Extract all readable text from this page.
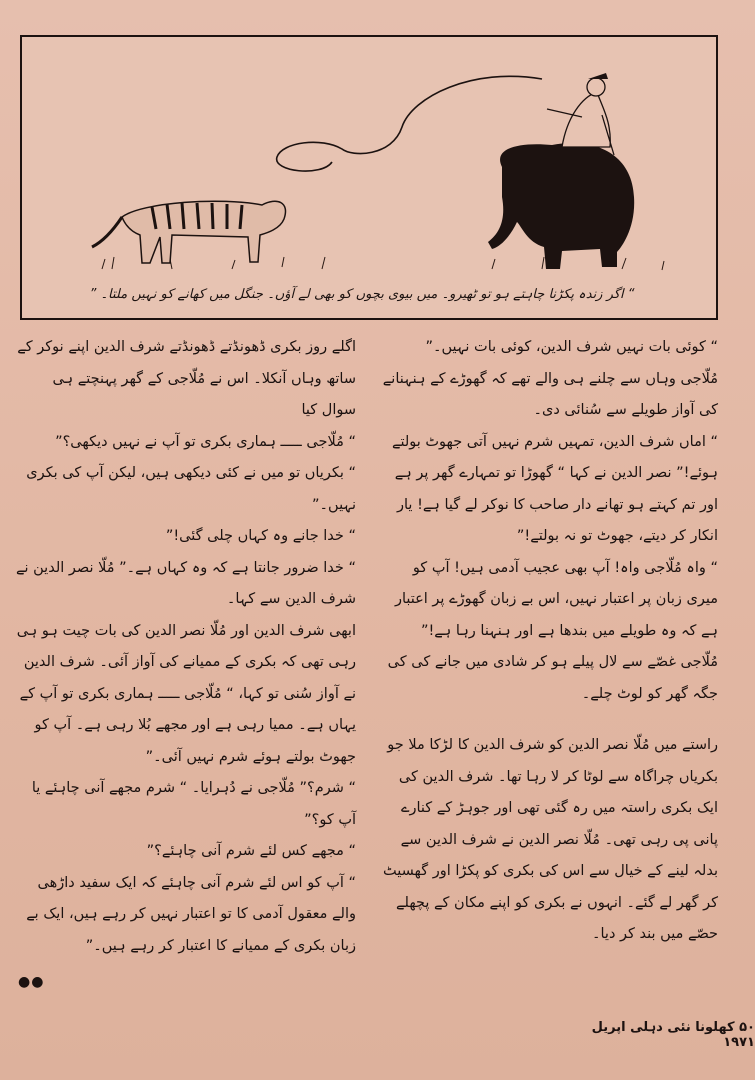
“ اگر زندہ پکڑنا چاہتے ہو تو ٹھیرو۔ میں بیوی بچوں کو بھی لے آؤں۔ جنگل میں کھانے کو نہیں ملتا۔ ”

“ کوئی بات نہیں شرف الدین، کوئی بات نہیں۔”

مُلّاجی وہاں سے چلنے ہی والے تھے کہ گھوڑے کے ہنہنانے کی آواز طویلے سے سُنائی دی۔

“ اماں شرف الدین، تمہیں شرم نہیں آتی جھوٹ بولتے ہوئے!” نصر الدین نے کہا “ گھوڑا تو تمہارے گھر پر ہے اور تم کہتے ہو تھانے دار صاحب کا نوکر لے گیا ہے! یار انکار کر دیتے، جھوٹ تو نہ بولتے!”

“ واہ مُلّاجی واہ! آپ بھی عجیب آدمی ہیں! آپ کو میری زبان پر اعتبار نہیں، اس بے زبان گھوڑے پر اعتبار ہے کہ وہ طویلے میں بندھا ہے اور ہنہنا رہا ہے!”

مُلّاجی غصّے سے لال پیلے ہو کر شادی میں جانے کی کی جگہ گھر کو لوٹ چلے۔

راستے میں مُلّا نصر الدین کو شرف الدین کا لڑکا ملا جو بکریاں چراگاہ سے لوٹا کر لا رہا تھا۔ شرف الدین کی ایک بکری راستہ میں رہ گئی تھی اور جوہڑ کے کنارے پانی پی رہی تھی۔ مُلّا نصر الدین نے شرف الدین سے بدلہ لینے کے خیال سے اس کی بکری کو پکڑا اور گھسیٹ کر گھر لے گئے۔ انہوں نے بکری کو اپنے مکان کے پچھلے حصّے میں بند کر دیا۔

اگلے روز بکری ڈھونڈتے ڈھونڈتے شرف الدین اپنے نوکر کے ساتھ وہاں آنکلا۔ اس نے مُلّاجی کے گھر پہنچتے ہی سوال کیا

“ مُلّاجی ـــــ ہماری بکری تو آپ نے نہیں دیکھی؟”

“ بکریاں تو میں نے کئی دیکھی ہیں، لیکن آپ کی بکری نہیں۔”

“ خدا جانے وہ کہاں چلی گئی!”

“ خدا ضرور جانتا ہے کہ وہ کہاں ہے۔” مُلّا نصر الدین نے شرف الدین سے کہا۔

ابھی شرف الدین اور مُلّا نصر الدین کی بات چیت ہو ہی رہی تھی کہ بکری کے ممیانے کی آواز آئی۔ شرف الدین نے آواز سُنی تو کہا، “ مُلّاجی ـــــ ہماری بکری تو آپ کے یہاں ہے۔ ممیا رہی ہے اور مجھے بُلا رہی ہے۔ آپ کو جھوٹ بولتے ہوئے شرم نہیں آئی۔”

“ شرم؟” مُلّاجی نے دُہرایا۔ “ شرم مجھے آنی چاہئے یا آپ کو؟”

“ مجھے کس لئے شرم آنی چاہئے؟”

“ آپ کو اس لئے شرم آنی چاہئے کہ ایک سفید داڑھی والے معقول آدمی کا تو اعتبار نہیں کر رہے ہیں، ایک بے زبان بکری کے ممیانے کا اعتبار کر رہے ہیں۔”

●●
۵۰ کھلونا نئی دہلی اپریل ۱۹۷۱
